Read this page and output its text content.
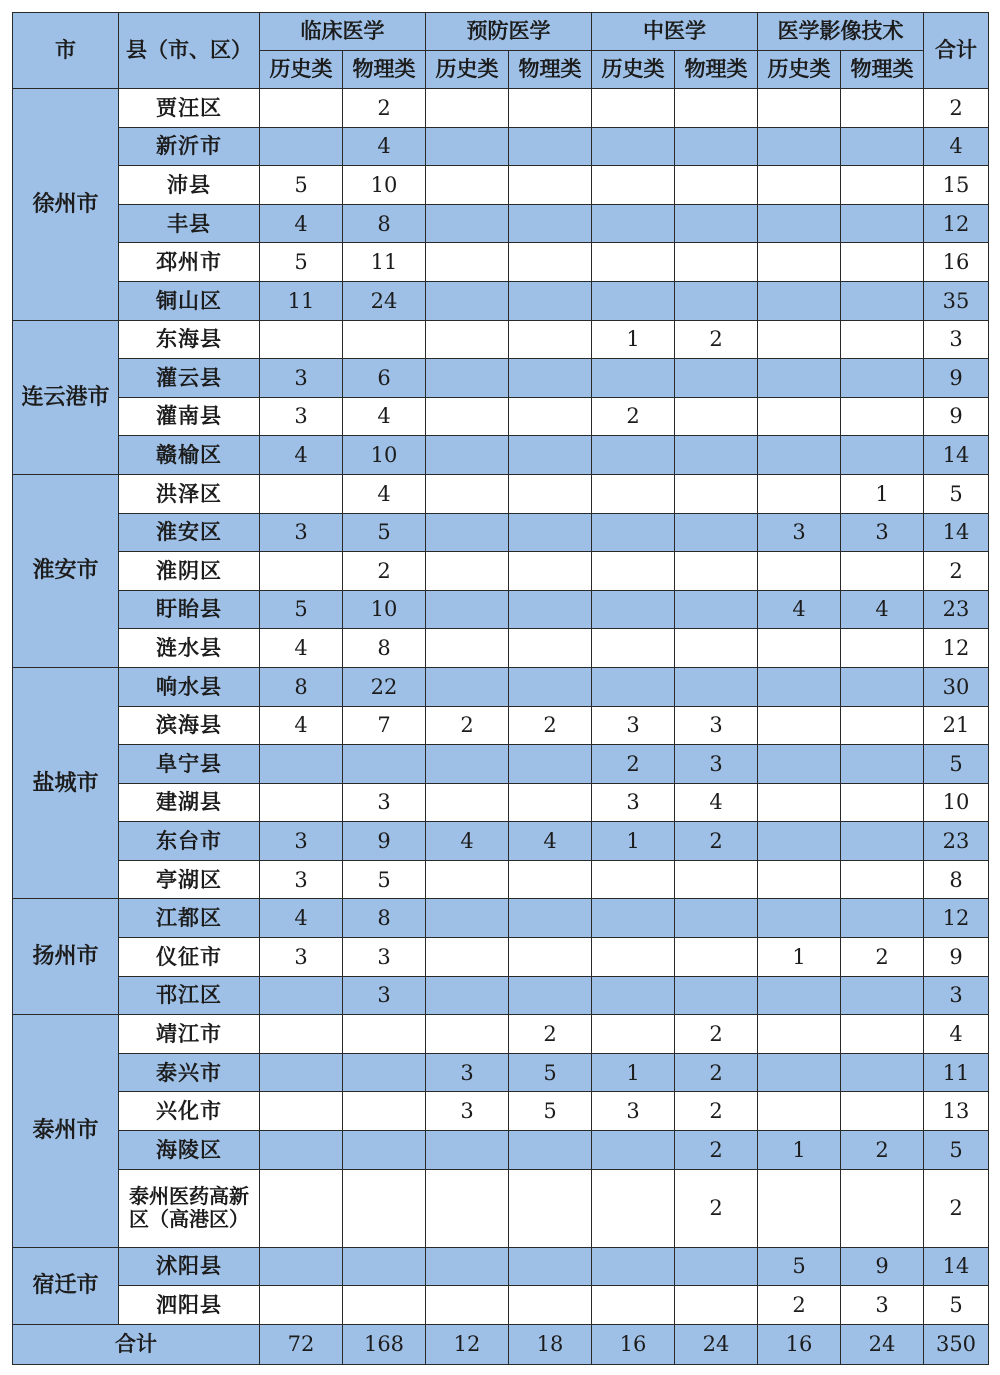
市	县（市、区）	临床医学		预防医学		中医学		医学影像技术		合计
		历史类	物理类	历史类	物理类	历史类	物理类	历史类	物理类	
徐州市	贾汪区		2							2
	新沂市		4							4
	沛县	5	10							15
	丰县	4	8							12
	邳州市	5	11							16
	铜山区	11	24							35
连云港市	东海县					1	2			3
	灌云县	3	6							9
	灌南县	3	4			2				9
	赣榆区	4	10							14
淮安市	洪泽区		4						1	5
	淮安区	3	5					3	3	14
	淮阴区		2							2
	盱眙县	5	10					4	4	23
	涟水县	4	8							12
盐城市	响水县	8	22							30
	滨海县	4	7	2	2	3	3			21
	阜宁县					2	3			5
	建湖县		3			3	4			10
	东台市	3	9	4	4	1	2			23
	亭湖区	3	5							8
扬州市	江都区	4	8							12
	仪征市	3	3					1	2	9
	邗江区		3							3
泰州市	靖江市				2		2			4
	泰兴市			3	5	1	2			11
	兴化市			3	5	3	2			13
	海陵区						2	1	2	5
	泰州医药高新区（高港区）						2			2
宿迁市	沭阳县							5	9	14
	泗阳县							2	3	5
合计		72	168	12	18	16	24	16	24	350
